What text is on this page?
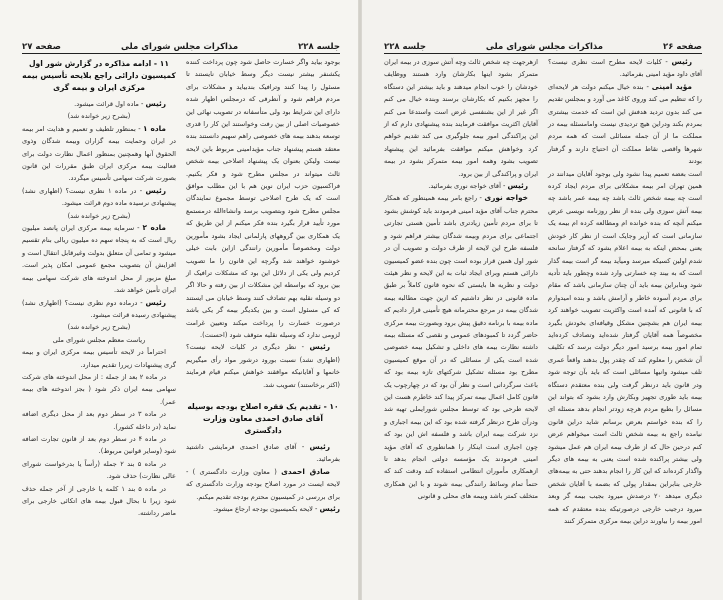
صفحه ۲۶
مذاکرات مجلس شورای ملی
جلسه ۲۲۸

رئیس - کلیات لایحه مطرح است نظری نیست؟ آقای داود مؤید امینی بفرمائید.

مؤید امینی - بنده خیال میکنم دولت هر لایحه‌ای را که تنظیم می کند وروی کاغذ می آورد و بمجلس تقدیم می کند بدون تردید هدفش این است که خدمت بیشتری بمردم بکند ودراین هیچ تردیدی نیست وامامسئله بیمه در مملکت ما از آن جمله مسائلی است که همه مردم شهرها واقصی نقاط مملکت آن احتیاج دارند و گرفتار بودند

است بعضه تعمیم پیدا نشود ولی بوجود آقایان میدانند در همین تهران امر بیمه مشکلاتی برای مردم ایجاد کرده است چه بیمه شخص ثالث باشد چه بیمه عمر باشد چه بیمه آتش سوزی ولی بنده از نظر روزنامه نویسی عرض میکنم آنچه که بنده خوانده ام ومطالعه کرده ام بیمه یک سازمانی است که آزیر وجایک است از نظر کار خودش یعنی بمحض اینکه به بیمه اعلام بشود که گرفتار سانحه شدم اولین کسیکه میرسد ومیآید بیمه گر است بیمه گذار است که به بیند چه خسارتی وارد شده وچطور باید تأدیه شود وبنابراین بیمه باید آن چنان سازمانی باشد که مقام برای مردم آسوده خاطر و آرامش باشد و بنده امیدوارم که با قانونی که آمده است واکثریت تصویب خواهند کرد بیمه ایران هم بشچنین مشکل وقیافه‌ای بخودش بگیرد مخصوصاً همه آقایان گرفتار شده‌اید وتصادف کرده‌اید تمام امور بیمه برسید امور دیگر دولت برسد که تکلیف آن شخص را معلوم کند که چقدر پول بدهند واقعاً عمری تلف میشود وانیها مسائلی است که باید بآن توجه شود ودر قانون باید درنظر گرفت ولی بنده معتقدم دستگاه بیمه باید طوری تجهیز وبکارش وارد بشود که بتواند این مسائل را بطبع مردم هرچه زودتر انجام بدهد مسئله ای را که بنده خواستم بعرض برسانم شاید دراین قانون نیامده راجع به بیمه شخص ثالث است میخواهم عرض کنم درحین حال که از طرف بیمه ایران هم عمل میشود ولی بیشتر پراکنده شده است یعنی به بیمه های دیگر واگذار کرده‌اند که این کار را انجام بدهند حتی به بیمه‌های خارجی بنابراین بمقدار پولی که بضمه با آقایان شخص دیگری میدهد ۲۰ درصدش میرود بجیب بیمه گر وبعد میرود درجیب خارجی درصورتیکه بنده معتقدم که همه امور بیمه را بیاورند دراین بیمه مرکزی متمرکز کنند

ازهرجهت چه شخص ثالث وچه آتش سوزی در بیمه ایران متمرکز بشود اینها بکارشان وارد هستند ووظایف خودشان را خوب انجام میدهند و باید بیشتر این دستگاه را مجهز بکنیم که بکارشان برسند وبنده خیال می کنم اگر غیر از این بشنفسی غرض است واستدعا می کنم آقایان اکثریت موافقت فرمایند بنده پیشنهادی دارم که از این پراکندگی امور بیمه جلوگیری می کند تقدیم خواهم کرد وخواهش میکنم موافقت بفرمائید این پیشنهاد تصویب بشود وهمه امور بیمه متمرکز بشود در بیمه ایران و پراکندگی از بین برود.

رئیس - آقای خواجه نوری بفرمائید.

خواجه نوری - راجع بامر بیمه همینطور که همکار محترم جناب آقای مؤید امینی فرمودند باید کوشش بشود تا برای مردم تأمین زیادتری باشد تأمین هستی تجارتی اجتماعی برای مردم وبیمه شدگان بیشتر فراهم شود و فلسفه طرح این لایحه از طرف دولت و تصویب آن در شور اول همین قرار بوده است چون بنده عضو کمیسیون دارائی هستم وبرای ایجاد ثبات به این لایحه و نظر هیئت دولت و نظریه ها بایستی که نحوه قانون کاملاً بر طبق ماده قانونی در نظر داشتیم که ازین جهت مطالبه بیمه شدگان بیمه در مرجع محترمانه هیچ تأمینی قرار دادیم که ماده بیمه با برنامه دقیق پیش برود وبصورت بیمه مرکزی حاضر گردد تا کمبودهای عمومی و نقصی که مسئله بیمه داشته نظارت بیمه های داخلی و تشکیل بیمه خصوصی شده است یکی از مسائلی که در آن موقع کمیسیون مطرح بود مسئله تشکیل شرکتهای تازه بیمه بود که باعث سرگردانی است و نظر آن بود که در چهارچوب یک قانون کامل اعمال بیمه تمرکز پیدا کند خاطرم هست این لایحه طرحی بود که توسط مجلس شورایملی تهیه شد ودرآن طرح درنظر گرفته شده بود که این بیمه اجباری و نزد شرکت بیمه ایران باشد و فلسفه اش این بود که چون اجباری است اینکار را همانطوری که آقای مؤید امینی فرمودند یک مؤسسه دولتی انجام بدهد تا ازهمکاری مأموران انتظامی استفاده کند ودقت کند که حتماً تمام وسائط رانندگی بیمه شوند و با این همکاری متخلف کمتر باشد وبیمه های محلی و قانونی

جلسه ۲۲۸
مذاکرات مجلس شورای ملی
صفحه ۲۷

بوجود بیاید واگر خسارت حاصل شود چون پرداخت کننده یکشنفر بیشتر نیست دیگر وسط خیابان نایستند تا مسئول را پیدا کنند وترافیک بندبیاید و مشکلات برای مردم فراهم شود و آنطرفی که درمجلس اظهار شده دارای این شرایط بود ولی متأسفانه در تصویب نهائی این خصوصیات اصلی از بین رفت وخواستند این کار را قدری توسعه بدهند بیمه های خصوصی راهم سهیم دانستند بنده معتقد هستم پیشنهاد جناب مؤیدامینی مربوط باین لایحه نیست ولیکن بعنوان یک پیشنهاد اصلاحی بیمه شخص ثالث میتواند در مجلس مطرح شود و فکر بکنیم. فراکسیون حزب ایران نوین هم با این مطلب موافق است که یک طرح اصلاحی توسط مجموع نمایندگان مجلس مطرح شود وبتصویب برسد وانشاءالله درمستمع مورد تأیید قرار بگیرد بنده فکر میکنم از این طریق که یک همکاری بین گروههای پارلمانی ایجاد بشود مأمورین دولت ومخصوصاً مأمورین رانندگی ازاین بابت خیلی خوشنود خواهند شد وگرچه این قانون را ما تصویب کردیم ولی یکی از دلائل این بود که مشکلات ترافیک از بین برود که بواسطه این مشکلات از بین رفته و حالا اگر دو وسیله نقلیه بهم تصادف کنند وسط خیابان می ایستند که کی مسئول است و بین یکدیگر بیمه گر یکی باشد درصورت خسارت را پرداخت میکند وتعیین غرامت لزومی ندارد که وسیله نقلیه متوقف شود (احسنت).

رئیس - نظر دیگری در کلیات لایحه نیست؟ (اظهاری نشد) نسبت بورود درشور مواد رأی میگیریم خانمها و آقایانیکه موافقند خواهش میکنم قیام فرمایند (اکثر برخاستند) تصویب شد.

۱۰ - تقدیم یک فقره اصلاح بودجه بوسیله آقای صادق احمدی معاون وزارت دادگستری

رئیس - آقای صادق احمدی فرمایشی داشتید بفرمائید.

صادق احمدی ( معاون وزارت دادگستری ) - لایحه ایست در مورد اصلاح بودجه وزارت دادگستری که برای بررسی در کمیسیون محترم بودجه تقدیم میکنم.

رئیس - لایحه بکمیسیون بودجه ارجاع میشود.

۱۱ - ادامه مذاکره در گزارش شور اول کمیسیون دارائی راجع بلایحه تأسیس بیمه مرکزی ایران و بیمه گری

رئیس - ماده اول قرائت میشود.

(بشرح زیر خوانده شد)

ماده ۱ - بمنظور تلطیف و تعمیم و هدایت امر بیمه در ایران وحمایت بیمه گزاران وبیمه شدگان وذوی الحقوق آنها وهمچنین بمنظور اعمال نظارت دولت برای فعالیت بیمه مرکزی ایران طبق مقررات این قانون بصورت شرکت سهامی تأسیس میگردد.

رئیس - در ماده ۱ نظری نیست؟ (اظهاری نشد) پیشنهادی نرسیده ماده دوم قرائت میشود.

(بشرح زیر خوانده شد)

ماده ۲ - سرمایه بیمه مرکزی ایران پانصد میلیون ریال است که به پنجاه سهم ده میلیون ریالی بنام تقسیم میشود و تمامی آن متعلق بدولت وغیرقابل انتقال است و افزایش آن بتصویب مجمع عمومی امکان پذیر است. مبلغ مزبور از محل اندوخته های شرکت سهامی بیمه ایران تأمین خواهد شد.

رئیس - درماده دوم نظری نیست؟ (اظهاری نشد) پیشنهادی رسیده قرائت میشود.

(بشرح زیر خوانده شد)

ریاست معظم مجلس شورای ملی

احتراماً در لایحه تأسیس بیمه مرکزی ایران و بیمه گری پیشنهادات زیررا تقدیم میدارد.

در ماده ۲ بعد از جمله : از محل اندوخته های شرکت سهامی بیمه ایران ذکر شود ( بجز اندوخته های بیمه عمر).

در ماده ۳ در سطر دوم بعد از محل دیگری اضافه نماید (در داخله کشور).

در ماده ۴ در سطر دوم بعد از قانون تجارت اضافه شود (وسایر قوانین مربوط).

در ماده ۵ بند ۲ جمله (رأساً یا بدرخواست شورای عالی نظارت) حذف شود.

در ماده ۵ بند ۱ کلمه یا خارجی از آخر جمله حذف شود زیرا نا بحال قبول بیمه های اتکائی خارجی برای ماضر رداشته.
